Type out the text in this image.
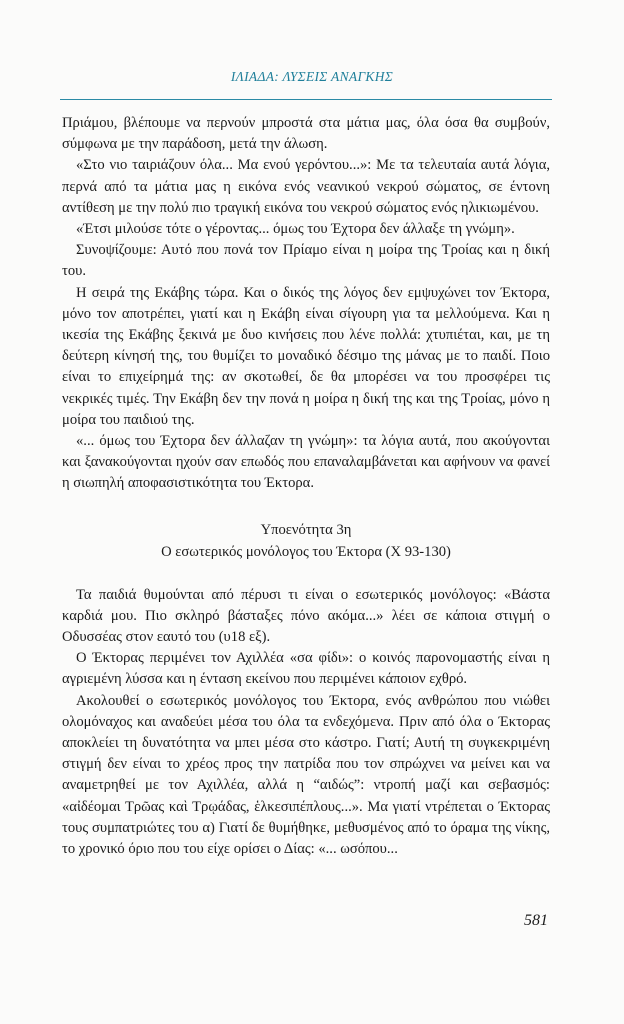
ΙΛΙΑΔΑ: ΛΥΣΕΙΣ ΑΝΑΓΚΗΣ

Πριάμου, βλέπουμε να περνούν μπροστά στα μάτια μας, όλα όσα θα συμβούν, σύμφωνα με την παράδοση, μετά την άλωση.

«Στο νιο ταιριάζουν όλα... Μα ενού γερόντου...»: Με τα τελευταία αυτά λόγια, περνά από τα μάτια μας η εικόνα ενός νεανικού νεκρού σώματος, σε έντονη αντίθεση με την πολύ πιο τραγική εικόνα του νεκρού σώματος ενός ηλικιωμένου.

«Έτσι μιλούσε τότε ο γέροντας... όμως του Έχτορα δεν άλλαξε τη γνώμη».

Συνοψίζουμε: Αυτό που πονά τον Πρίαμο είναι η μοίρα της Τροίας και η δική του.

Η σειρά της Εκάβης τώρα. Και ο δικός της λόγος δεν εμψυχώνει τον Έκτορα, μόνο τον αποτρέπει, γιατί και η Εκάβη είναι σίγουρη για τα μελλούμενα. Και η ικεσία της Εκάβης ξεκινά με δυο κινήσεις που λένε πολλά: χτυπιέται, και, με τη δεύτερη κίνησή της, του θυμίζει το μοναδικό δέσιμο της μάνας με το παιδί. Ποιο είναι το επιχείρημά της: αν σκοτωθεί, δε θα μπορέσει να του προσφέρει τις νεκρικές τιμές. Την Εκάβη δεν την πονά η μοίρα η δική της και της Τροίας, μόνο η μοίρα του παιδιού της.

«... όμως του Έχτορα δεν άλλαζαν τη γνώμη»: τα λόγια αυτά, που ακούγονται και ξανακούγονται ηχούν σαν επωδός που επαναλαμβάνεται και αφήνουν να φανεί η σιωπηλή αποφασιστικότητα του Έκτορα.

Υποενότητα 3η
Ο εσωτερικός μονόλογος του Έκτορα (Χ 93-130)

Τα παιδιά θυμούνται από πέρυσι τι είναι ο εσωτερικός μονόλογος: «Βάστα καρδιά μου. Πιο σκληρό βάσταξες πόνο ακόμα...» λέει σε κάποια στιγμή ο Οδυσσέας στον εαυτό του (υ18 εξ).

Ο Έκτορας περιμένει τον Αχιλλέα «σα φίδι»: ο κοινός παρονομαστής είναι η αγριεμένη λύσσα και η ένταση εκείνου που περιμένει κάποιον εχθρό.

Ακολουθεί ο εσωτερικός μονόλογος του Έκτορα, ενός ανθρώπου που νιώθει ολομόναχος και αναδεύει μέσα του όλα τα ενδεχόμενα. Πριν από όλα ο Έκτορας αποκλείει τη δυνατότητα να μπει μέσα στο κάστρο. Γιατί; Αυτή τη συγκεκριμένη στιγμή δεν είναι το χρέος προς την πατρίδα που τον σπρώχνει να μείνει και να αναμετρηθεί με τον Αχιλλέα, αλλά η “αιδώς”: ντροπή μαζί και σεβασμός: «αἰδέομαι Τρῶας καὶ Τρῳάδας, ἑλκεσιπέπλους...». Μα γιατί ντρέπεται ο Έκτορας τους συμπατριώτες του α) Γιατί δε θυμήθηκε, μεθυσμένος από το όραμα της νίκης, το χρονικό όριο που του είχε ορίσει ο Δίας: «... ωσόπου...

581
